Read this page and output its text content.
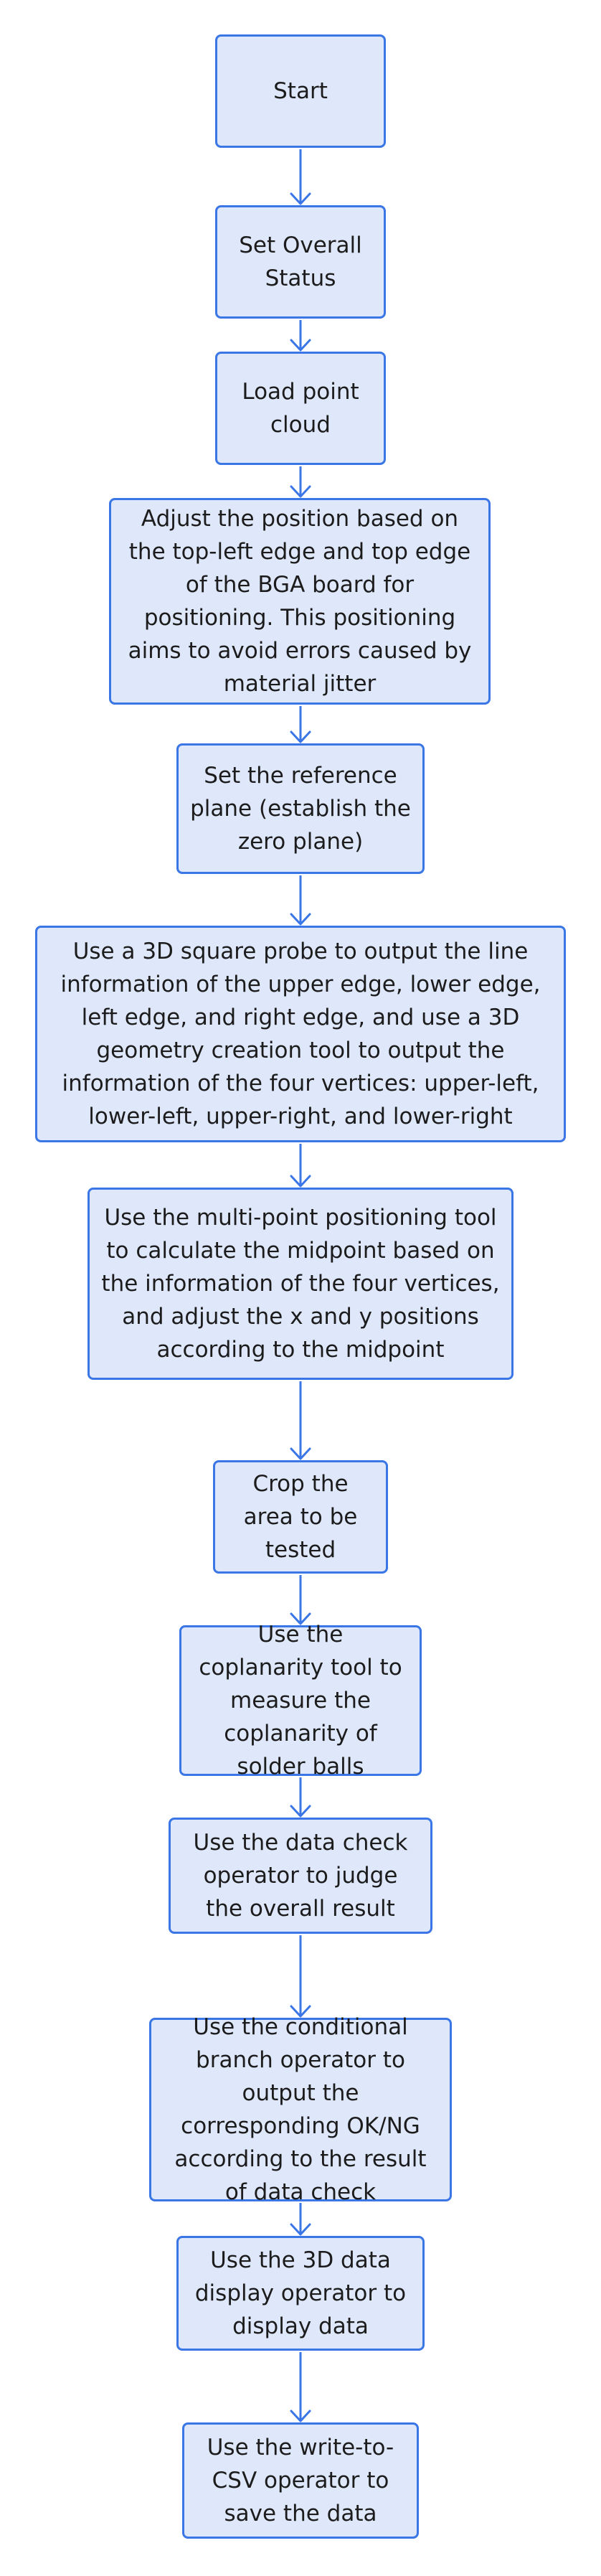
Start
Set Overall Status
Load point cloud
Adjust the position based on the top-left edge and top edge of the BGA board for positioning. This positioning aims to avoid errors caused by material jitter
Set the reference plane (establish the zero plane)
Use a 3D square probe to output the line information of the upper edge, lower edge, left edge, and right edge, and use a 3D geometry creation tool to output the information of the four vertices: upper-left, lower-left, upper-right, and lower-right
Use the multi-point positioning tool to calculate the midpoint based on the information of the four vertices, and adjust the x and y positions according to the midpoint
Crop the area to be tested
Use the coplanarity tool to measure the coplanarity of solder balls
Use the data check operator to judge the overall result
Use the conditional branch operator to output the corresponding OK/NG according to the result of data check
Use the 3D data display operator to display data
Use the write-to-CSV operator to save the data
